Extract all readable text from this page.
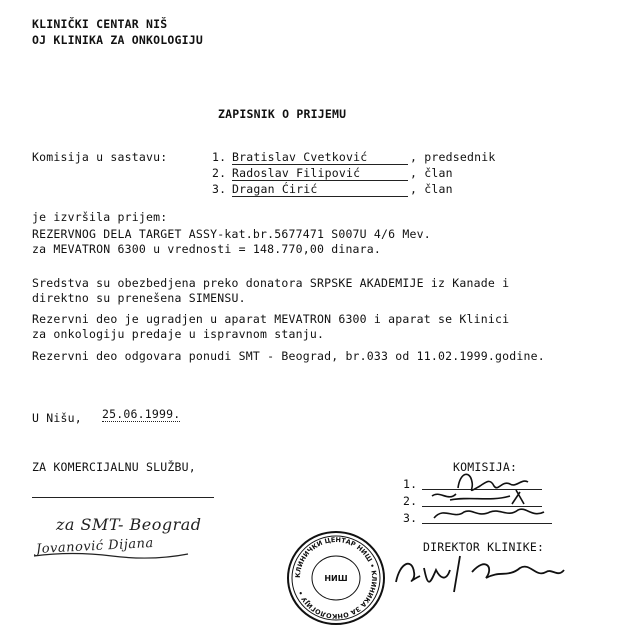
KLINIČKI CENTAR NIŠ
OJ KLINIKA ZA ONKOLOGIJU
ZAPISNIK O PRIJEMU
Komisija u sastavu:	1. Bratislav Cvetković	, predsednik
2. Radoslav Filipović	, član
3. Dragan Ćirić	, član
je izvršila prijem:
REZERVNOG DELA TARGET ASSY-kat.br.5677471 S007U 4/6 Mev.
za MEVATRON 6300 u vrednosti = 148.770,00 dinara.
Sredstva su obezbedjena preko donatora SRPSKE AKADEMIJE iz Kanade i
direktno su prenešena SIMENSU.
Rezervni deo je ugradjen u aparat MEVATRON 6300 i aparat se Klinici
za onkologiju predaje u ispravnom stanju.
Rezervni deo odgovara ponudi SMT - Beograd, br.033 od 11.02.1999.godine.
U Nišu, 25.06.1999.
ZA KOMERCIJALNU SLUŽBU,
za SMT- Beograd
Jovanović Dijana
KOMISIJA:
1.
2.
3.
DIREKTOR KLINIKE:
КЛИНИЧКИ ЦЕНТАР НИШ • КЛИНИКА ЗА ОНКОЛОГИЈУ •
НИШ
